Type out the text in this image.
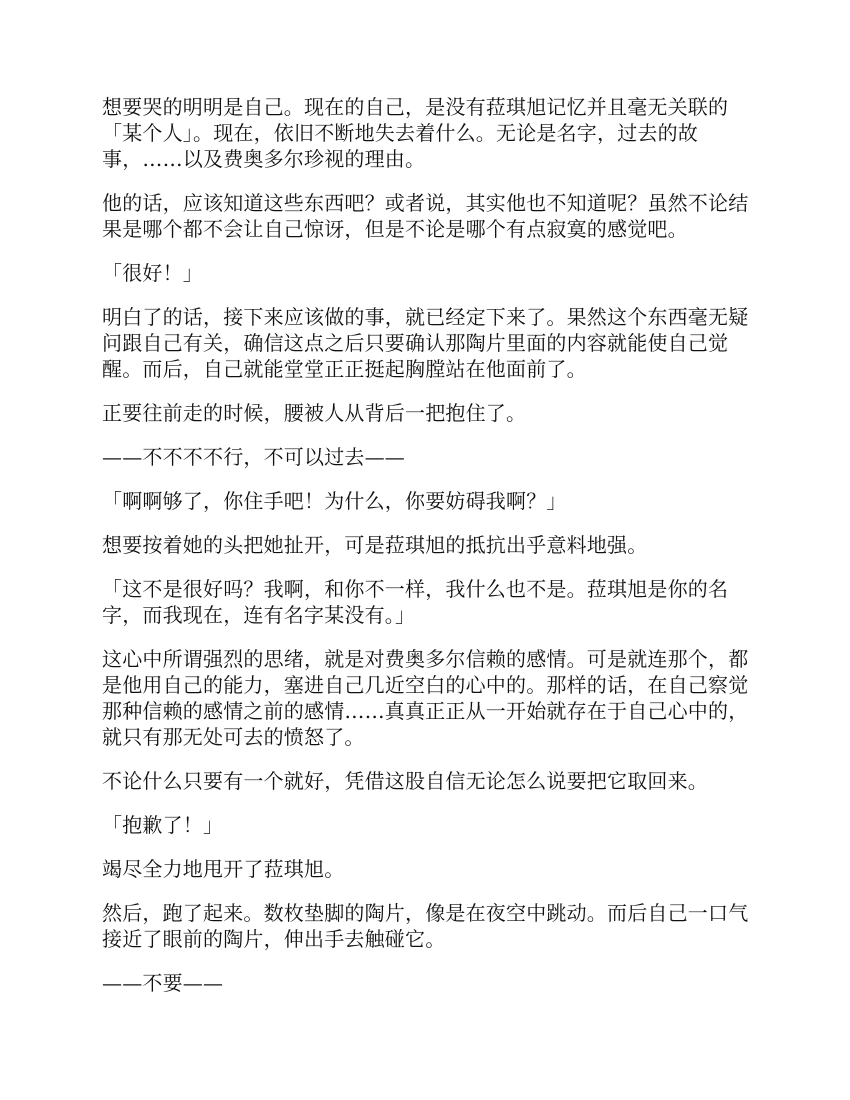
想要哭的明明是自己。现在的自己，是没有菈琪旭记忆并且毫无关联的「某个人」。现在，依旧不断地失去着什么。无论是名字，过去的故事，……以及费奥多尔珍视的理由。

他的话，应该知道这些东西吧？或者说，其实他也不知道呢？虽然不论结果是哪个都不会让自己惊讶，但是不论是哪个有点寂寞的感觉吧。

「很好！」

明白了的话，接下来应该做的事，就已经定下来了。果然这个东西毫无疑问跟自己有关，确信这点之后只要确认那陶片里面的内容就能使自己觉醒。而后，自己就能堂堂正正挺起胸膛站在他面前了。

正要往前走的时候，腰被人从背后一把抱住了。

——不不不不行，不可以过去——

「啊啊够了，你住手吧！为什么，你要妨碍我啊？」

想要按着她的头把她扯开，可是菈琪旭的抵抗出乎意料地强。

「这不是很好吗？我啊，和你不一样，我什么也不是。菈琪旭是你的名字，而我现在，连有名字某没有。」

这心中所谓强烈的思绪，就是对费奥多尔信赖的感情。可是就连那个，都是他用自己的能力，塞进自己几近空白的心中的。那样的话，在自己察觉那种信赖的感情之前的感情……真真正正从一开始就存在于自己心中的，就只有那无处可去的愤怒了。

不论什么只要有一个就好，凭借这股自信无论怎么说要把它取回来。

「抱歉了！」

竭尽全力地甩开了菈琪旭。

然后，跑了起来。数枚垫脚的陶片，像是在夜空中跳动。而后自己一口气接近了眼前的陶片，伸出手去触碰它。

——不要——
